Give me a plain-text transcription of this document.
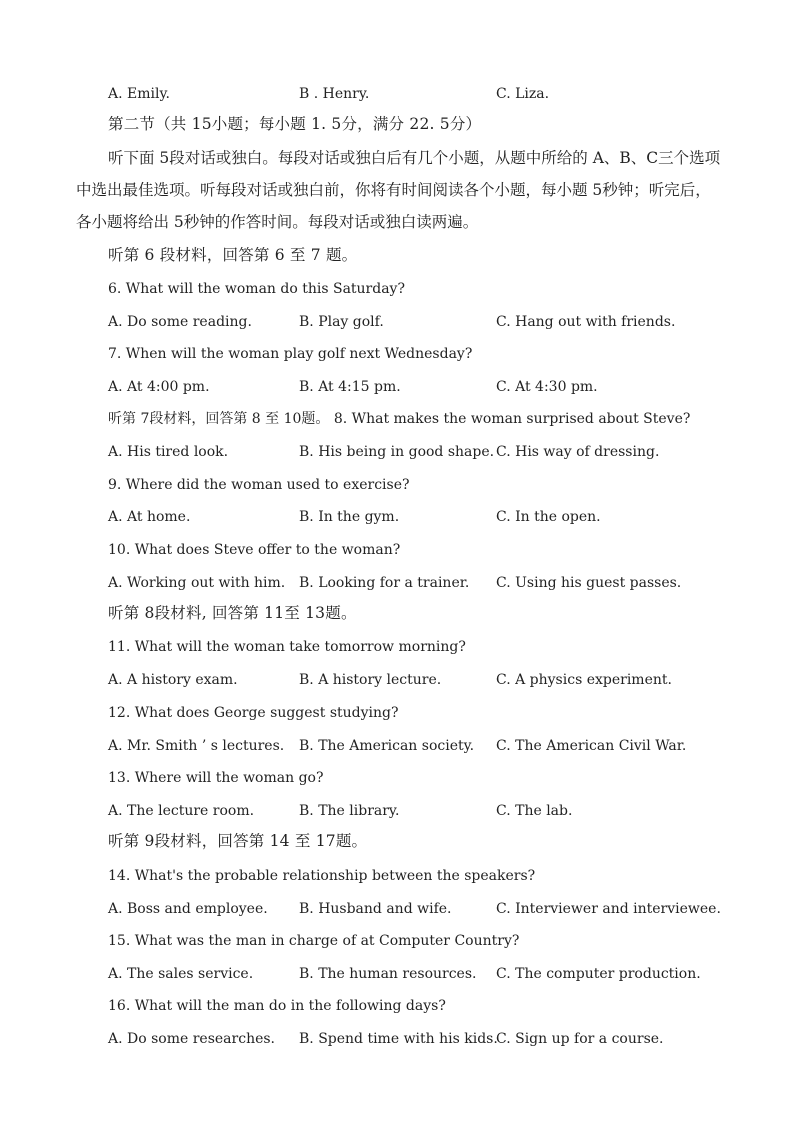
A. Emily.	B . Henry.	C. Liza.
第二节（共 15小题；每小题 1. 5分，满分 22. 5分）
听下面 5段对话或独白。每段对话或独白后有几个小题，从题中所给的 A、B、C三个选项中选出最佳选项。听每段对话或独白前，你将有时间阅读各个小题，每小题 5秒钟；听完后，各小题将给出 5秒钟的作答时间。每段对话或独白读两遍。
听第 6 段材料，回答第 6 至 7 题。
6. What will the woman do this Saturday?
A. Do some reading.	B. Play golf.	C. Hang out with friends.
7. When will the woman play golf next Wednesday?
A. At 4:00 pm.	B. At 4:15 pm.	C. At 4:30 pm.
听第 7段材料，回答第 8 至 10题。 8. What makes the woman surprised about Steve?
A. His tired look.	B. His being in good shape. C. His way of dressing.
9. Where did the woman used to exercise?
A. At home.	B. In the gym.	C. In the open.
10. What does Steve offer to the woman?
A. Working out with him. B. Looking for a trainer. C. Using his guest passes.
听第 8段材料, 回答第 11至 13题。
11. What will the woman take tomorrow morning?
A. A history exam.	B. A history lecture.	C. A physics experiment.
12. What does George suggest studying?
A. Mr. Smith ’ s lectures. B. The American society. C. The American Civil War.
13. Where will the woman go?
A. The lecture room.	B. The library.	C. The lab.
听第 9段材料，回答第 14 至 17题。
14. What's the probable relationship between the speakers?
A. Boss and employee. B. Husband and wife.	C. Interviewer and interviewee.
15. What was the man in charge of at Computer Country?
A. The sales service.	B. The human resources. C. The computer production.
16. What will the man do in the following days?
A. Do some researches. B. Spend time with his kids.
C. Sign up for a course.
